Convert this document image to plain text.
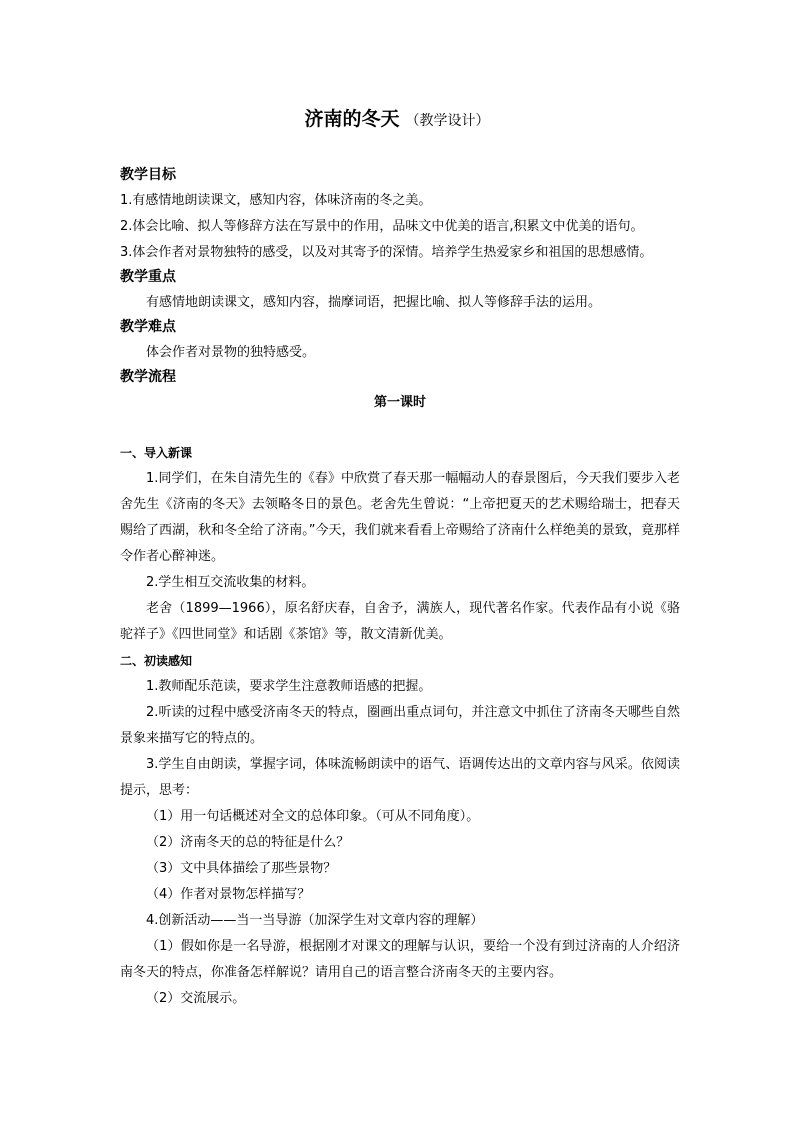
济南的冬天 （教学设计）
教学目标
1.有感情地朗读课文，感知内容，体味济南的冬之美。
2.体会比喻、拟人等修辞方法在写景中的作用，品味文中优美的语言,积累文中优美的语句。
3.体会作者对景物独特的感受，以及对其寄予的深情。培养学生热爱家乡和祖国的思想感情。
教学重点
有感情地朗读课文，感知内容，揣摩词语，把握比喻、拟人等修辞手法的运用。
教学难点
体会作者对景物的独特感受。
教学流程
第一课时
一、导入新课

1.同学们，在朱自清先生的《春》中欣赏了春天那一幅幅动人的春景图后，今天我们要步入老舍先生《济南的冬天》去领略冬日的景色。老舍先生曾说：“上帝把夏天的艺术赐给瑞士，把春天赐给了西湖，秋和冬全给了济南。”今天，我们就来看看上帝赐给了济南什么样绝美的景致，竟那样令作者心醉神迷。

2.学生相互交流收集的材料。

老舍（1899—1966），原名舒庆春，自舍予，满族人，现代著名作家。代表作品有小说《骆驼祥子》《四世同堂》和话剧《茶馆》等，散文清新优美。

二、初读感知

1.教师配乐范读，要求学生注意教师语感的把握。

2.听读的过程中感受济南冬天的特点，圈画出重点词句，并注意文中抓住了济南冬天哪些自然景象来描写它的特点的。

3.学生自由朗读，掌握字词，体味流畅朗读中的语气、语调传达出的文章内容与风采。依阅读提示，思考：

（1）用一句话概述对全文的总体印象。（可从不同角度）。
（2）济南冬天的总的特征是什么？
（3）文中具体描绘了那些景物？
（4）作者对景物怎样描写？
4.创新活动——当一当导游（加深学生对文章内容的理解）

（1）假如你是一名导游，根据刚才对课文的理解与认识，要给一个没有到过济南的人介绍济南冬天的特点，你准备怎样解说？请用自己的语言整合济南冬天的主要内容。

（2）交流展示。
